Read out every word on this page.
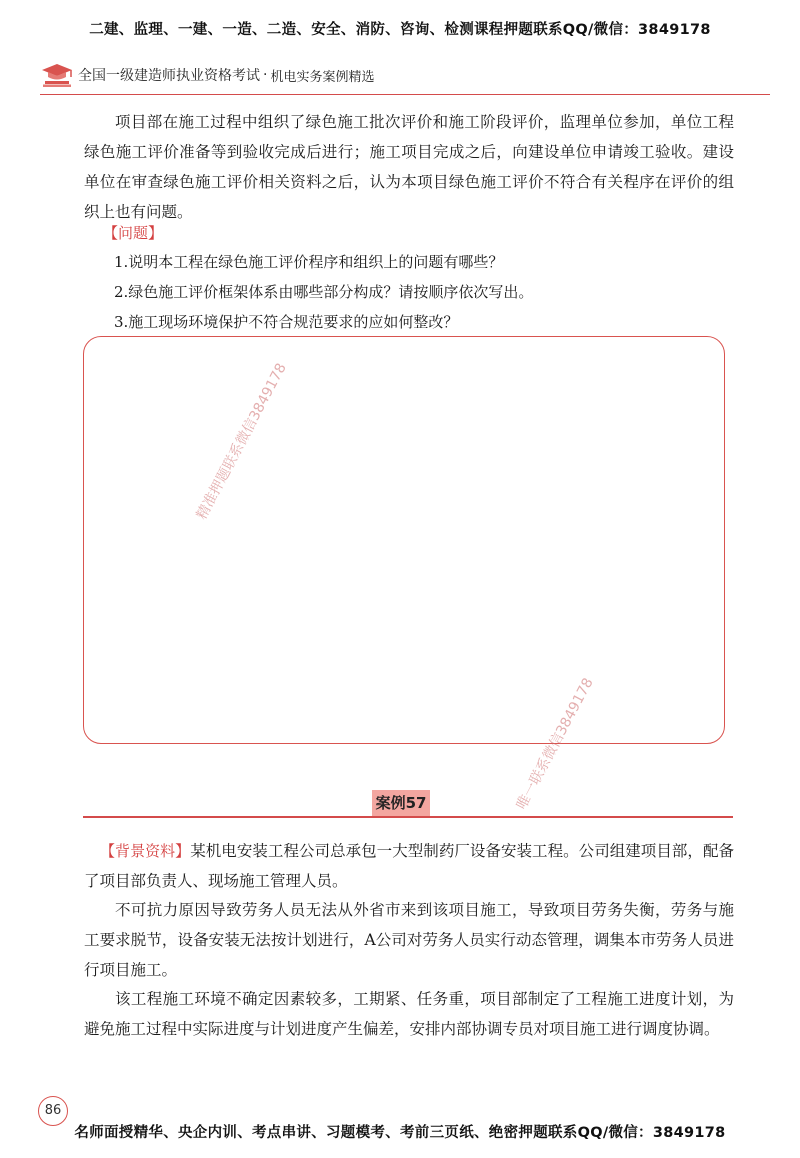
二建、监理、一建、一造、二造、安全、消防、咨询、检测课程押题联系QQ/微信：3849178
全国一级建造师执业资格考试 · 机电实务案例精选

项目部在施工过程中组织了绿色施工批次评价和施工阶段评价，监理单位参加，单位工程绿色施工评价准备等到验收完成后进行；施工项目完成之后，向建设单位申请竣工验收。建设单位在审查绿色施工评价相关资料之后，认为本项目绿色施工评价不符合有关程序在评价的组织上也有问题。

【问题】

1.说明本工程在绿色施工评价程序和组织上的问题有哪些？
2.绿色施工评价框架体系由哪些部分构成？请按顺序依次写出。
3.施工现场环境保护不符合规范要求的应如何整改？
精准押题联系微信3849178
唯一联系微信3849178
案例57

【背景资料】某机电安装工程公司总承包一大型制药厂设备安装工程。公司组建项目部，配备了项目部负责人、现场施工管理人员。

不可抗力原因导致劳务人员无法从外省市来到该项目施工，导致项目劳务失衡，劳务与施工要求脱节，设备安装无法按计划进行，A公司对劳务人员实行动态管理，调集本市劳务人员进行项目施工。

该工程施工环境不确定因素较多，工期紧、任务重，项目部制定了工程施工进度计划，为避免施工过程中实际进度与计划进度产生偏差，安排内部协调专员对项目施工进行调度协调。

86

名师面授精华、央企内训、考点串讲、习题模考、考前三页纸、绝密押题联系QQ/微信：3849178
